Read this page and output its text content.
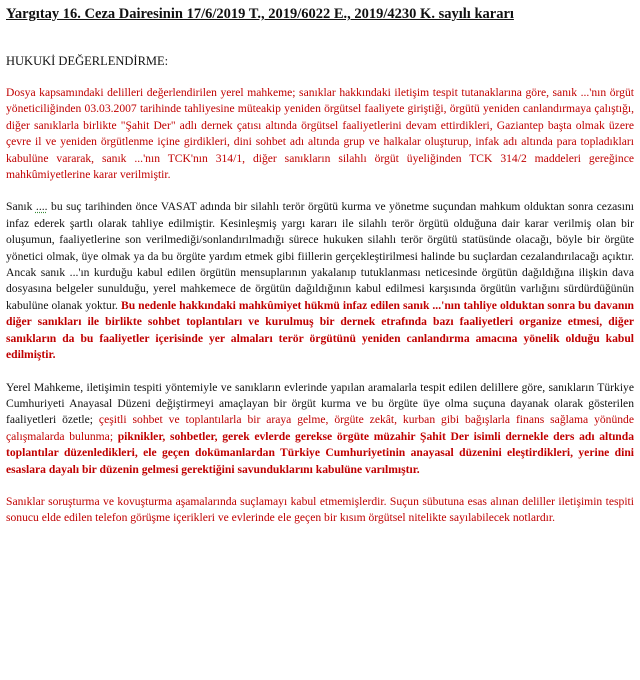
Yargıtay 16. Ceza Dairesinin 17/6/2019 T., 2019/6022 E., 2019/4230 K. sayılı kararı
HUKUKİ DEĞERLENDİRME:

Dosya kapsamındaki delilleri değerlendirilen yerel mahkeme; sanıklar hakkındaki iletişim tespit tutanaklarına göre, sanık ...'nın örgüt yöneticiliğinden 03.03.2007 tarihinde tahliyesine müteakip yeniden örgütsel faaliyete giriştiği, örgütü yeniden canlandırmaya çalıştığı, diğer sanıklarla birlikte "Şahit Der" adlı dernek çatısı altında örgütsel faaliyetlerini devam ettirdikleri, Gaziantep başta olmak üzere çevre il ve yeniden örgütlenme içine girdikleri, dini sohbet adı altında grup ve halkalar oluşturup, infak adı altında para topladıkları kabulüne vararak, sanık ...'nın TCK'nın 314/1, diğer sanıkların silahlı örgüt üyeliğinden TCK 314/2 maddeleri gereğince mahkûmiyetlerine karar verilmiştir.

Sanık .... bu suç tarihinden önce VASAT adında bir silahlı terör örgütü kurma ve yönetme suçundan mahkum olduktan sonra cezasını infaz ederek şartlı olarak tahliye edilmiştir. Kesinleşmiş yargı kararı ile silahlı terör örgütü olduğuna dair karar verilmiş olan bir oluşumun, faaliyetlerine son verilmediği/sonlandırılmadığı sürece hukuken silahlı terör örgütü statüsünde olacağı, böyle bir örgüte yönetici olmak, üye olmak ya da bu örgüte yardım etmek gibi fiillerin gerçekleştirilmesi halinde bu suçlardan cezalandırılacağı açıktır. Ancak sanık ...'ın kurduğu kabul edilen örgütün mensuplarının yakalanıp tutuklanması neticesinde örgütün dağıldığına ilişkin dava dosyasına belgeler sunulduğu, yerel mahkemece de örgütün dağıldığının kabul edilmesi karşısında örgütün varlığını sürdürdüğünün kabulüne olanak yoktur. Bu nedenle hakkındaki mahkûmiyet hükmü infaz edilen sanık ...'nın tahliye olduktan sonra bu davanın diğer sanıkları ile birlikte sohbet toplantıları ve kurulmuş bir dernek etrafında bazı faaliyetleri organize etmesi, diğer sanıkların da bu faaliyetler içerisinde yer almaları terör örgütünü yeniden canlandırma amacına yönelik olduğu kabul edilmiştir.

Yerel Mahkeme, iletişimin tespiti yöntemiyle ve sanıkların evlerinde yapılan aramalarla tespit edilen delillere göre, sanıkların Türkiye Cumhuriyeti Anayasal Düzeni değiştirmeyi amaçlayan bir örgüt kurma ve bu örgüte üye olma suçuna dayanak olarak gösterilen faaliyetleri özetle; çeşitli sohbet ve toplantılarla bir araya gelme, örgüte zekât, kurban gibi bağışlarla finans sağlama yönünde çalışmalarda bulunma; piknikler, sohbetler, gerek evlerde gerekse örgüte müzahir Şahit Der isimli dernekle ders adı altında toplantılar düzenledikleri, ele geçen dokümanlardan Türkiye Cumhuriyetinin anayasal düzenini eleştirdikleri, yerine dini esaslara dayalı bir düzenin gelmesi gerektiğini savunduklarını kabulüne varılmıştır.

Sanıklar soruşturma ve kovuşturma aşamalarında suçlamayı kabul etmemişlerdir. Suçun sübutuna esas alınan deliller iletişimin tespiti sonucu elde edilen telefon görüşme içerikleri ve evlerinde ele geçen bir kısım örgütsel nitelikte sayılabilecek notlardır.
